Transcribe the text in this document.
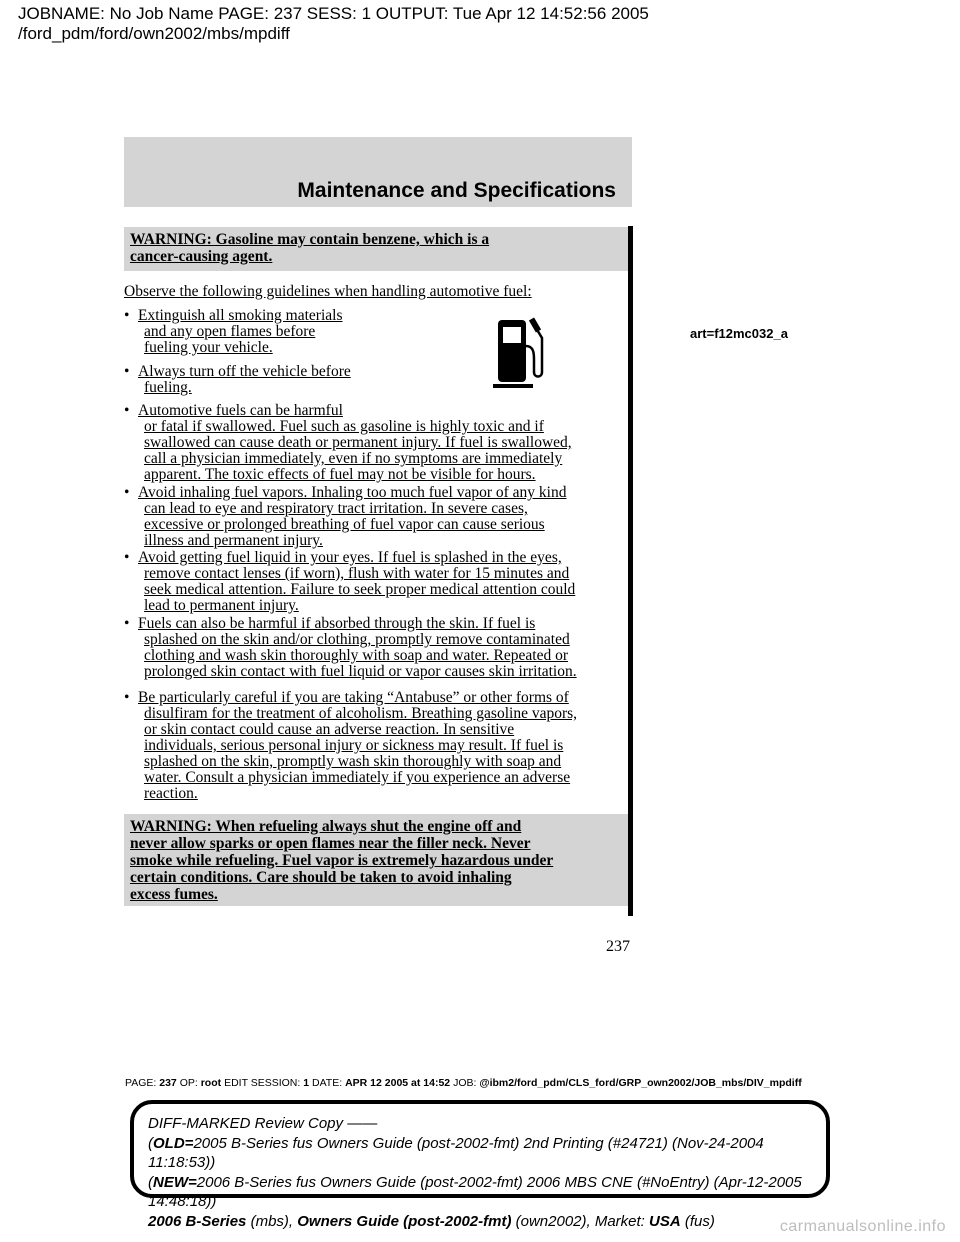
JOBNAME: No Job Name PAGE: 237 SESS: 1 OUTPUT: Tue Apr 12 14:52:56 2005
/ford_pdm/ford/own2002/mbs/mpdiff
Maintenance and Specifications
WARNING: Gasoline may contain benzene, which is a
cancer-causing agent.
Observe the following guidelines when handling automotive fuel:
• Extinguish all smoking materials
and any open flames before
fueling your vehicle.
• Always turn off the vehicle before
fueling.
• Automotive fuels can be harmful
or fatal if swallowed. Fuel such as gasoline is highly toxic and if
swallowed can cause death or permanent injury. If fuel is swallowed,
call a physician immediately, even if no symptoms are immediately
apparent. The toxic effects of fuel may not be visible for hours.
• Avoid inhaling fuel vapors. Inhaling too much fuel vapor of any kind
can lead to eye and respiratory tract irritation. In severe cases,
excessive or prolonged breathing of fuel vapor can cause serious
illness and permanent injury.
• Avoid getting fuel liquid in your eyes. If fuel is splashed in the eyes,
remove contact lenses (if worn), flush with water for 15 minutes and
seek medical attention. Failure to seek proper medical attention could
lead to permanent injury.
• Fuels can also be harmful if absorbed through the skin. If fuel is
splashed on the skin and/or clothing, promptly remove contaminated
clothing and wash skin thoroughly with soap and water. Repeated or
prolonged skin contact with fuel liquid or vapor causes skin irritation.
• Be particularly careful if you are taking “Antabuse” or other forms of
disulfiram for the treatment of alcoholism. Breathing gasoline vapors,
or skin contact could cause an adverse reaction. In sensitive
individuals, serious personal injury or sickness may result. If fuel is
splashed on the skin, promptly wash skin thoroughly with soap and
water. Consult a physician immediately if you experience an adverse
reaction.
art=f12mc032_a
WARNING: When refueling always shut the engine off and
never allow sparks or open flames near the filler neck. Never
smoke while refueling. Fuel vapor is extremely hazardous under
certain conditions. Care should be taken to avoid inhaling
excess fumes.
237
PAGE: 237 OP: root EDIT SESSION: 1 DATE: APR 12 2005 at 14:52 JOB: @ibm2/ford_pdm/CLS_ford/GRP_own2002/JOB_mbs/DIV_mpdiff
DIFF-MARKED Review Copy ——
(OLD=2005 B-Series fus Owners Guide (post-2002-fmt) 2nd Printing (#24721) (Nov-24-2004 11:18:53))
(NEW=2006 B-Series fus Owners Guide (post-2002-fmt) 2006 MBS CNE (#NoEntry) (Apr-12-2005 14:48:18))
2006 B-Series (mbs), Owners Guide (post-2002-fmt) (own2002), Market: USA (fus)	carmanualsonline.info
